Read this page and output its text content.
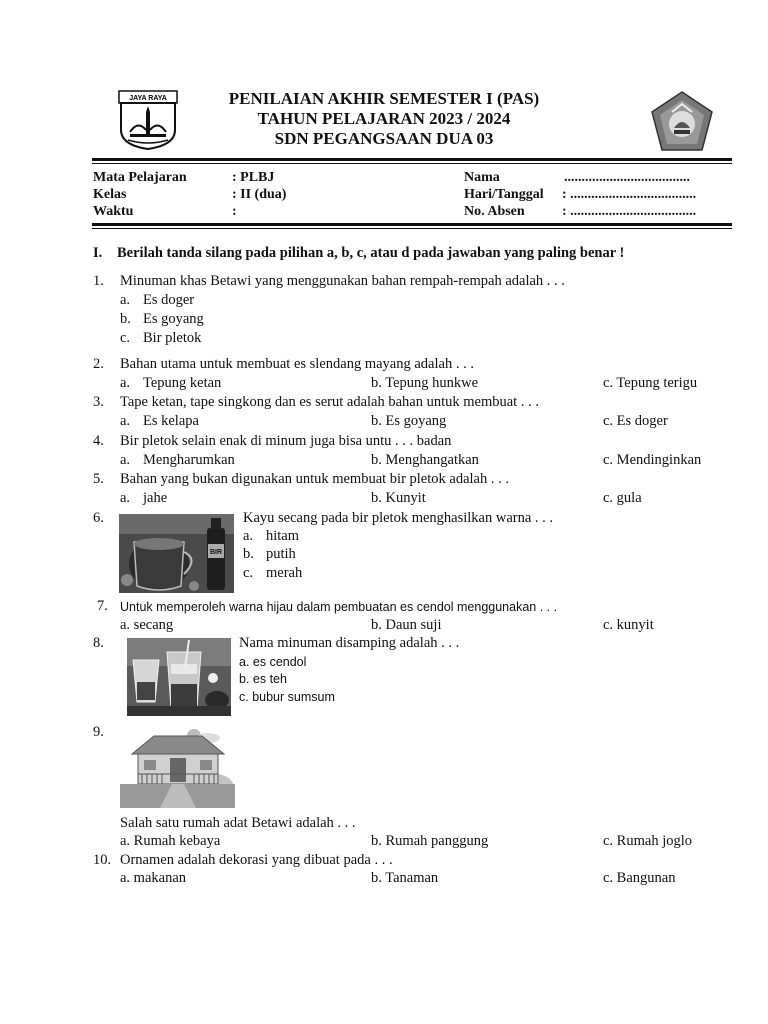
JAYA RAYA	PENILAIAN AKHIR SEMESTER I (PAS)
TAHUN PELAJARAN 2023 / 2024
SDN PEGANGSAAN DUA 03
Mata Pelajaran	: PLBJ
Kelas	: II (dua)
Waktu	:
Nama	....................................
Hari/Tanggal : ....................................
No. Absen	: ....................................
I. Berilah tanda silang pada pilihan a, b, c, atau d pada jawaban yang paling benar !
1. Minuman khas Betawi yang menggunakan bahan rempah-rempah adalah . . .
a. Es doger
b. Es goyang
c. Bir pletok
2. Bahan utama untuk membuat es slendang mayang adalah . . .
a. Tepung ketan	b. Tepung hunkwe	c. Tepung terigu
3. Tape ketan, tape singkong dan es serut adalah bahan untuk membuat . . .
a. Es kelapa	b. Es goyang	c. Es doger
4. Bir pletok selain enak di minum juga bisa untu . . . badan
a. Mengharumkan	b. Menghangatkan	c. Mendinginkan
5. Bahan yang bukan digunakan untuk membuat bir pletok adalah . . .
a. jahe	b. Kunyit	c. gula
6.
BIR
Kayu secang pada bir pletok menghasilkan warna . . .
a. hitam
b. putih
c. merah
7. Untuk memperoleh warna hijau dalam pembuatan es cendol menggunakan . . .
a. secang	b. Daun suji	c. kunyit
8.	Nama minuman disamping adalah . . .
a. es cendol
b. es teh
c. bubur sumsum
9.
Salah satu rumah adat Betawi adalah . . .
a. Rumah kebaya	b. Rumah panggung	c. Rumah joglo
10. Ornamen adalah dekorasi yang dibuat pada . . .
a. makanan	b. Tanaman	c. Bangunan
